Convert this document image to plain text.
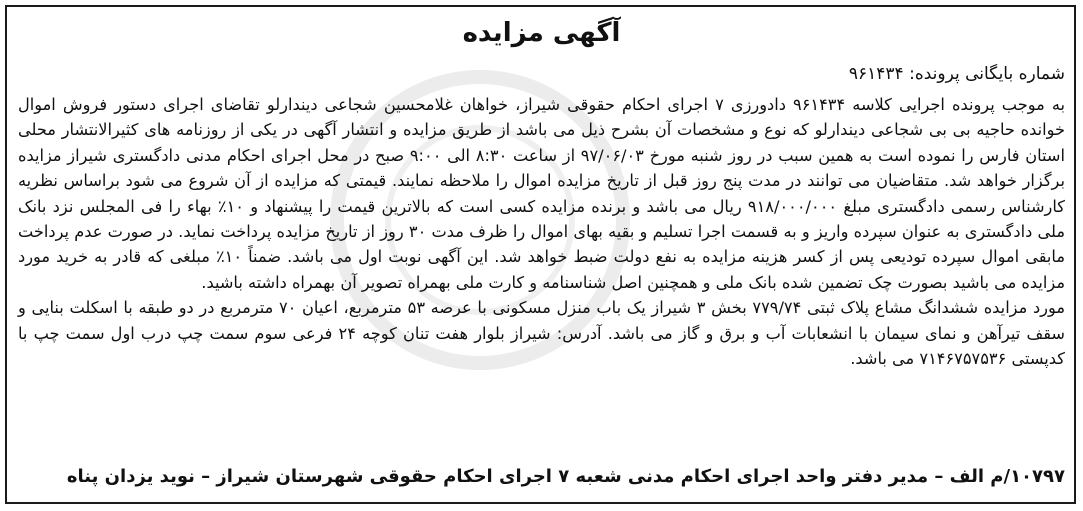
آگهی مزایده
شماره بایگانی پرونده: ۹۶۱۴۳۴

به موجب پرونده اجرایی کلاسه ۹۶۱۴۳۴ دادورزی ۷ اجرای احکام حقوقی شیراز، خواهان غلامحسین شجاعی دیندارلو تقاضای اجرای دستور فروش اموال خوانده حاجیه بی بی شجاعی دیندارلو که نوع و مشخصات آن بشرح ذیل می باشد از طریق مزایده و انتشار آگهی در یکی از روزنامه های کثیرالانتشار محلی استان فارس را نموده است به همین سبب در روز شنبه مورخ ۹۷/۰۶/۰۳ از ساعت ۸:۳۰ الی ۹:۰۰ صبح در محل اجرای احکام مدنی دادگستری شیراز مزایده برگزار خواهد شد. متقاضیان می توانند در مدت پنج روز قبل از تاریخ مزایده اموال را ملاحظه نمایند. قیمتی که مزایده از آن شروع می شود براساس نظریه کارشناس رسمی دادگستری مبلغ ۹۱۸/۰۰۰/۰۰۰ ریال می باشد و برنده مزایده کسی است که بالاترین قیمت را پیشنهاد و ۱۰٪ بهاء را فی المجلس نزد بانک ملی دادگستری به عنوان سپرده واریز و به قسمت اجرا تسلیم و بقیه بهای اموال را ظرف مدت ۳۰ روز از تاریخ مزایده پرداخت نماید. در صورت عدم پرداخت مابقی اموال سپرده تودیعی پس از کسر هزینه مزایده به نفع دولت ضبط خواهد شد. این آگهی نوبت اول می باشد. ضمناً ۱۰٪ مبلغی که قادر به خرید مورد مزایده می باشید بصورت چک تضمین شده بانک ملی و همچنین اصل شناسنامه و کارت ملی بهمراه تصویر آن بهمراه داشته باشید.

مورد مزایده ششدانگ مشاع پلاک ثبتی ۷۷۹/۷۴ بخش ۳ شیراز یک باب منزل مسکونی با عرصه ۵۳ مترمربع، اعیان ۷۰ مترمربع در دو طبقه با اسکلت بنایی و سقف تیرآهن و نمای سیمان با انشعابات آب و برق و گاز می باشد. آدرس: شیراز بلوار هفت تنان کوچه ۲۴ فرعی سوم سمت چپ درب اول سمت چپ با کدپستی ۷۱۴۶۷۵۷۵۳۶ می باشد.

۱۰۷۹۷/م الف – مدیر دفتر واحد اجرای احکام مدنی شعبه ۷ اجرای احکام حقوقی شهرستان شیراز – نوید یزدان پناه
